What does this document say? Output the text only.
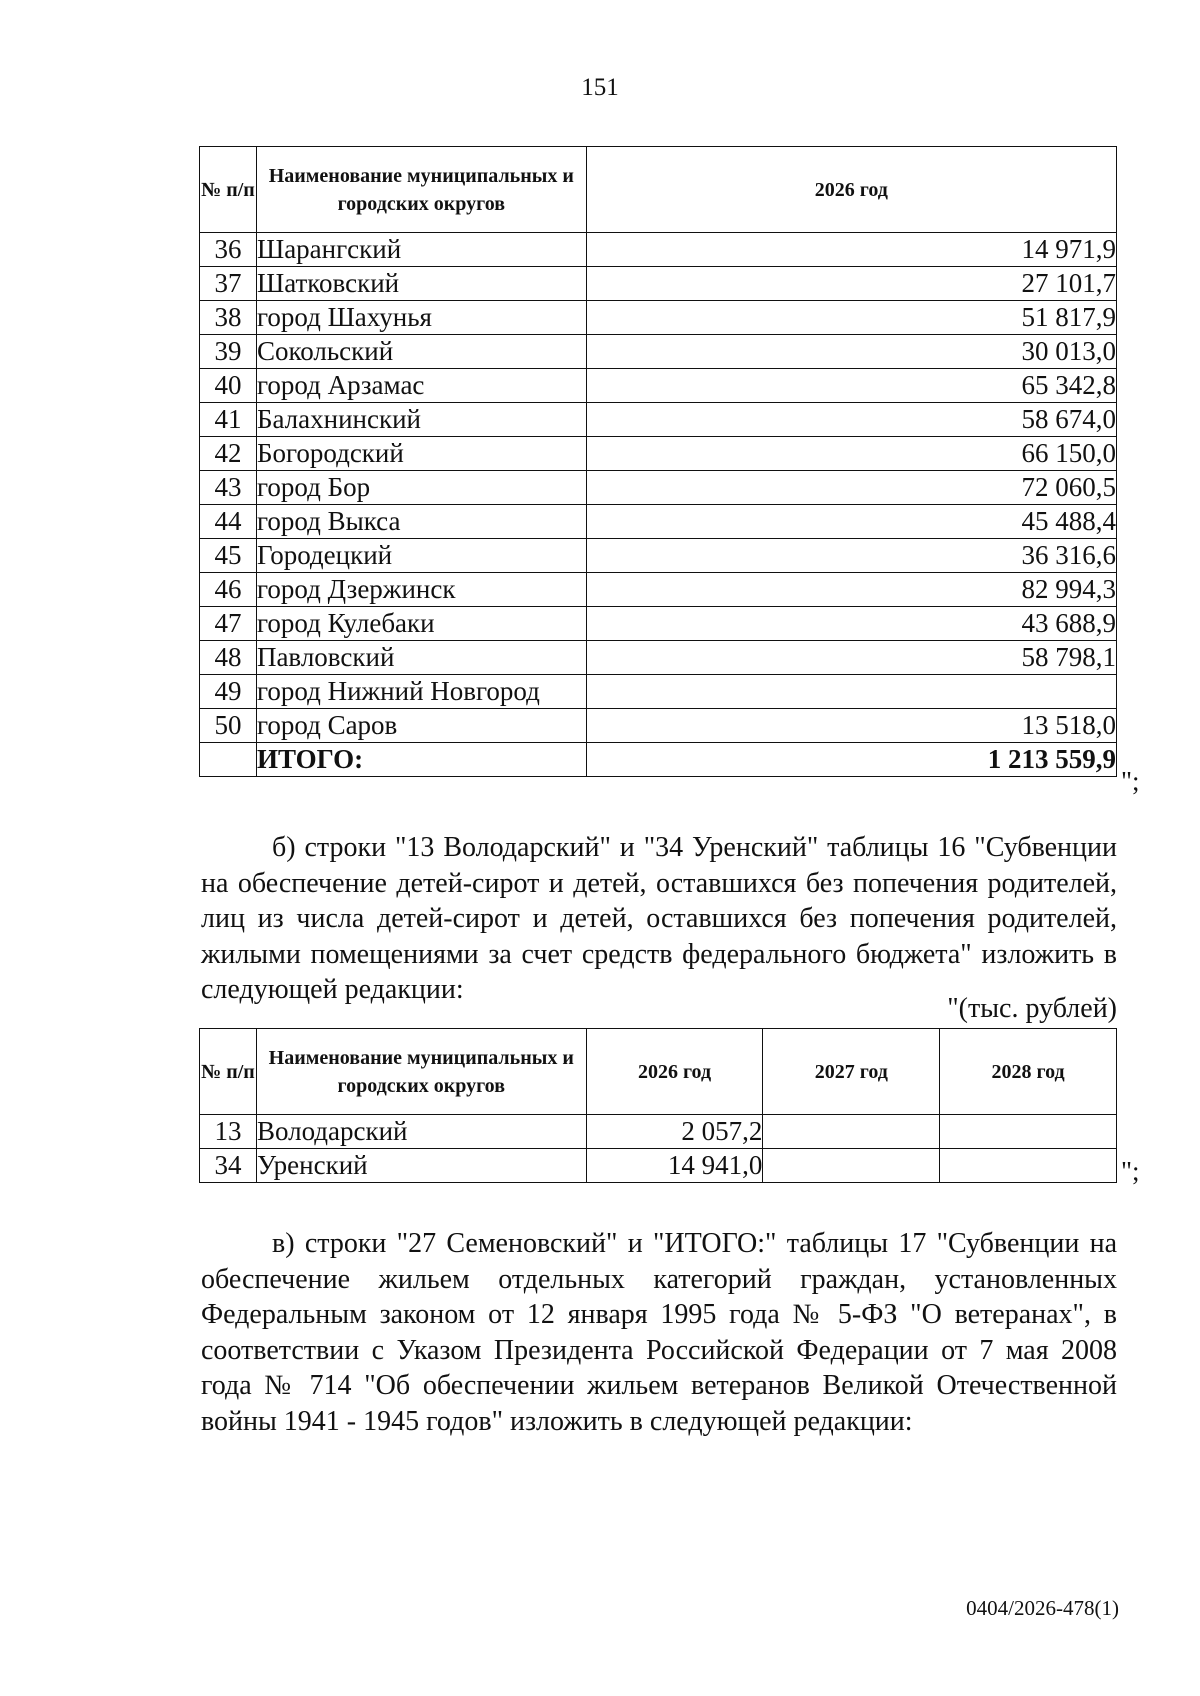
151
№ п/п	Наименование муниципальных и городских округов	2026 год
36	Шарангский	14 971,9
37	Шатковский	27 101,7
38	город Шахунья	51 817,9
39	Сокольский	30 013,0
40	город Арзамас	65 342,8
41	Балахнинский	58 674,0
42	Богородский	66 150,0
43	город Бор	72 060,5
44	город Выкса	45 488,4
45	Городецкий	36 316,6
46	город Дзержинск	82 994,3
47	город Кулебаки	43 688,9
48	Павловский	58 798,1
49	город Нижний Новгород	
50	город Саров	13 518,0
	ИТОГО:	1 213 559,9
";
б) строки "13 Володарский" и "34 Уренский" таблицы 16 "Субвенции на обеспечение детей-сирот и детей, оставшихся без попечения родителей, лиц из числа детей-сирот и детей, оставшихся без попечения родителей, жилыми помещениями за счет средств федерального бюджета" изложить в следующей редакции:
"(тыс. рублей)
№ п/п	Наименование муниципальных и городских округов	2026 год	2027 год	2028 год
13	Володарский	2 057,2		
34	Уренский	14 941,0			";
в) строки "27 Семеновский" и "ИТОГО:" таблицы 17 "Субвенции на обеспечение жильем отдельных категорий граждан, установленных Федеральным законом от 12 января 1995 года № 5-ФЗ "О ветеранах", в соответствии с Указом Президента Российской Федерации от 7 мая 2008 года № 714 "Об обеспечении жильем ветеранов Великой Отечественной войны 1941 - 1945 годов" изложить в следующей редакции:
0404/2026-478(1)
